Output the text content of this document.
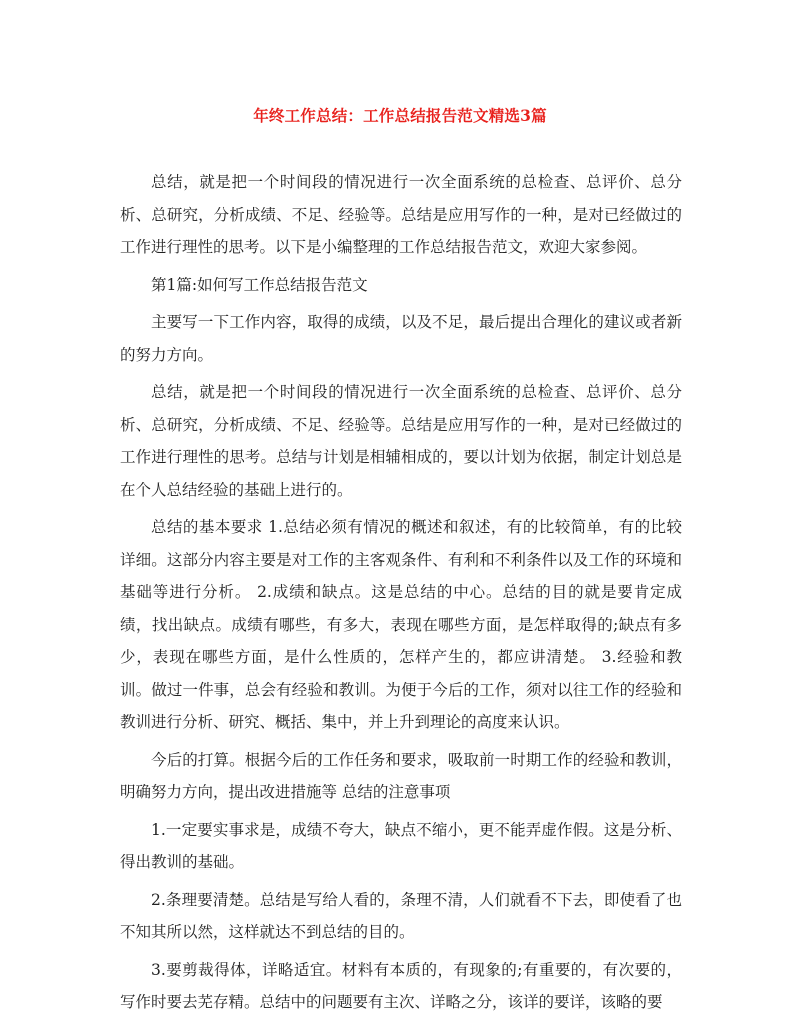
年终工作总结：工作总结报告范文精选3篇

总结，就是把一个时间段的情况进行一次全面系统的总检查、总评价、总分析、总研究，分析成绩、不足、经验等。总结是应用写作的一种，是对已经做过的工作进行理性的思考。以下是小编整理的工作总结报告范文，欢迎大家参阅。

第1篇:如何写工作总结报告范文

主要写一下工作内容，取得的成绩，以及不足，最后提出合理化的建议或者新的努力方向。

总结，就是把一个时间段的情况进行一次全面系统的总检查、总评价、总分析、总研究，分析成绩、不足、经验等。总结是应用写作的一种，是对已经做过的工作进行理性的思考。总结与计划是相辅相成的，要以计划为依据，制定计划总是在个人总结经验的基础上进行的。

总结的基本要求 1.总结必须有情况的概述和叙述，有的比较简单，有的比较详细。这部分内容主要是对工作的主客观条件、有利和不利条件以及工作的环境和基础等进行分析。 2.成绩和缺点。这是总结的中心。总结的目的就是要肯定成绩，找出缺点。成绩有哪些，有多大，表现在哪些方面，是怎样取得的;缺点有多少，表现在哪些方面，是什么性质的，怎样产生的，都应讲清楚。 3.经验和教训。做过一件事，总会有经验和教训。为便于今后的工作，须对以往工作的经验和教训进行分析、研究、概括、集中，并上升到理论的高度来认识。

今后的打算。根据今后的工作任务和要求，吸取前一时期工作的经验和教训，明确努力方向，提出改进措施等 总结的注意事项

1.一定要实事求是，成绩不夸大，缺点不缩小，更不能弄虚作假。这是分析、得出教训的基础。

2.条理要清楚。总结是写给人看的，条理不清，人们就看不下去，即使看了也不知其所以然，这样就达不到总结的目的。

3.要剪裁得体，详略适宜。材料有本质的，有现象的;有重要的，有次要的，写作时要去芜存精。总结中的问题要有主次、详略之分，该详的要详，该略的要
